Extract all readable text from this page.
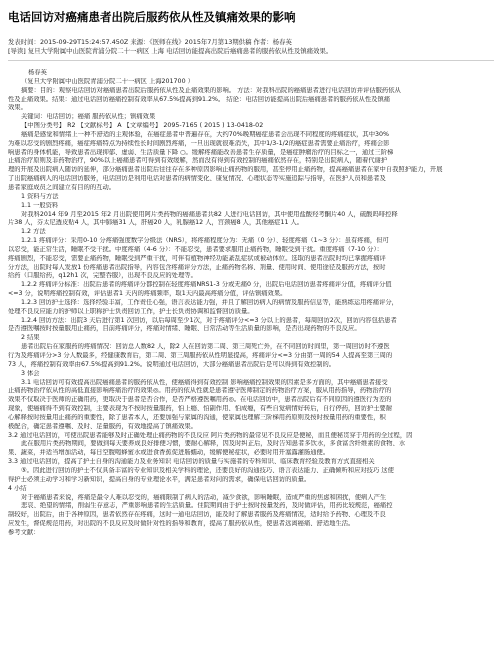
电话回访对癌痛患者出院后服药依从性及镇痛效果的影响
发表时间：2015-09-29T15:24:57.450Z 来源：《医师在线》2015年7月第13期供稿 作者：杨春英
[导读] 复旦大学附属中山医院青浦分院二十一病区 上海 电话回访能提高出院后癌痛患者的服药依从性及镇痛效果。
杨春英
（复旦大学附属中山医院青浦分院二十一病区 上海201700 ）
摘要：目的：观察电话回访对癌痛患者出院后服药依从性及止痛效果的影响。 方法：对我科出院的癌痛患者进行电话回访并评估服药依从
性及止痛效果。结果：通过电话回访癌痛控制有效率从67.5%提高到91.2%。 结论：电话回访能提高出院后癌痛患者的服药依从性及镇痛
效果。
关键词：电话回访；癌痛 服药依从性；镇痛效果
【中图分类号】 R2 【文献标号】 A 【文章编号】 2095-7165 ( 2015 ) 13-0418-02
癌痛是感觉和情绪上一种不舒适的主观体验，在癌症患者中普遍存在，大约70%晚期癌症患者会出现不同程度的疼痛症状，其中30%
为难以忍受的剧烈疼痛，癌症疼痛特点为持续性长时间剧烈疼痛，一旦出现就很难消失，其中1/3-1/2的癌症患者需要止痛治疗，疼痛会影
响患者的身体机能，导致患者出现抑郁、虚弱、生活质量下降 ○。缓解疼痛能改善患者生存质量，是癌症肿瘤治疗的目标之一，通过三阶梯
止痛治疗原则及非药物治疗，90%以上癌痛患者可得到有效缓解，然而没有得到有效控制的癌痛依然存在，特别是出院病人，随着代谢护
理的开展及出院病人随访的延伸，部分癌痛患者出院后往往存在多种原因影响止痛药物的服用，甚至停用止痛药物，提高癌痛患者在家中自我照护能力，开展
了出院癌痛病人的电话回访服务，电话回访是利用电话对患者的病情变化、康复情况、心理状态等实施追踪与指导，在医护人员和患者及
患者家庭成员之间建立有目的的互动。
1 资料与方法
1.1 一般资料
对我科2014 年9 月至2015 年2 月出院使用阿片类药物的癌痛患者共82 人进行电话回访，其中使用盐酸羟考酮片40 人，硫酸吗啡控释
片38 人，芬太尼透皮贴4 人，其中肺癌31 人，肝癌20 人，乳腺癌12 人，宫颈癌8 人，其他癌症11 人。
1.2 方法
1.2.1 疼痛评分：采用0-10 分疼痛强度数字分级法（NRS），将疼痛程度分为：无痛（0 分）、轻度疼痛（1~3 分）：虽有疼痛，但可
以忍受，能正常生活，睡眠不受干扰。中度疼痛（4-6 分）：不能忍受，患者要求服用止痛药物，睡眠受到干扰。重度疼痛（7-10 分）：
疼痛剧烈，不能忍受，需要止痛药物，睡眠受到严重干扰，可伴有植物神经功能紊乱症状或被动体位。选取的患者出院时均已掌握疼痛评
分方法，出院时每人发放1 份疼痛患者出院指导，内容包含疼痛评分方法，止痛药物名称、剂量、使用时间、使用途径及服药方法，按时
给药（口服给药，q12h1 次，完整吞服），出现不良反应的处理等。
1.2.2 疼痛评分标准：出院后患者的疼痛评分都控制在轻度疼痛NRS1-3 分或无痛0 分，出院后电话回访患者疼痛评分值，疼痛评分值
<=3 分，说明疼痛控制有效，评估患者1 天内的疼痛频率，取1天内最高疼痛分值，评估镇痛效果。
1.2.3 回访护士选择：选择经验丰富，工作责任心强，语言表达能力强，并且了解回访病人的病情及服药信息等，能熟练运用疼痛评分，
处理不良反应能力的护师以上职称护士负责回访工作，护士长负责协调和监督回访质量。
1.2.4 回访方法：出院3 天后进行第1 次回访，以后每周至少1次，对于疼痛评分<=3 分以上的患者，每周回访2次，回访内容包括患者
是否遵医嘱按时按量服用止痛药，目前疼痛评分，疼痛对情绪、睡眠、日常活动等生活质量的影响，是否出现药物的不良反应。
2 结果
患者出院后在家服药的疼痛情况：回访总人数82 人，除2 人在回访第二周、第三周死亡外，在不同回访时间里，第一周回访时不遵医
行为及疼痛评分>3 分人数最多，经健康教育后，第二周、第三周服药依从性明显提高，疼痛评分<=3 分由第一周的54 人提高至第三周的
73 人，疼痛控制有效率由67.5%提高到91.2%。说明通过电话回访，大部分癌痛患者出院后是可以得到有效控制的。
3 体会
3.1 电话回访可有效提高出院癌痛患者的服药依从性，使癌痛得到有效控制 影响癌痛控制效果的因素是多方面的，其中癌痛患者接受
止痛药物治疗依从性的高低直接影响疼痛治疗的效果◎。用药的依从性就是患者遵守医师制定的药物治疗方案，服从用药指导，药物治疗的
效果不仅取决于医师的正确用药，更取决于患者是否合作，是否严格遵医嘱用药◎。在电话回访中，患者出院后有不同原因的遵医行为差的
现象，使癌痛得不到有效控制，主要表现为不按时按量服药，怕上瘾、怕副作用、怕成瘾，有些自觉病情好转后，自行停药，回访护士要耐
心解释按时按量用止痛药的重要性，除了患者本人，还要加强与家属的沟通，使家属也理解三阶梯用药原则及按时按量用药的重要性，积
极配合，确定患者遵嘱、及时、足量服药，有效地提高了镇痛效果。
3.2 通过电话回访，可使出院患者能够及时正确处理止痛药物的不良反应 阿片类药物的最常见不良反应是便秘，而且便秘贯穿于用药的全过程，因
此在服用片类药物期间，要做到每天要养成良好排便习惯，要耐心解释，因及时纠正后，及时告知患者多饮水，多食富含纤维素的食物、水
果、蔬菜，并适当增加活动，每日空腹喝蜂蜜水或进食香蕉促进肠蠕动，缓解便秘症状，必要时用开塞露灌肠通便。
3.3 通过电话回访，提高了护士自身的沟通能力及业务知识 电话回访的质量与实施者的专科知识、临床教育经验及教育方式直接相关
⑤。因此进行回访的护士不仅具备丰富的专业知识及相关学科的理论，还要良好的沟通技巧、语言表达能力、正确倾听和应对技巧 这使
得护士必须主动学习和学习新知识，提高自身的专业理论水平，满足患者对问的需求，确保电话回访的质量。
4 小结
对于癌痛患者来说，疼痛是最令人难以忍受的，癌痛限制了病人的活动，减少食欲，影响睡眠，造成严重的焦虑和困扰，使病人产生
悲哀、绝望的情绪，削弱生存意志，严重影响患者的生活质量。住院期间由于护士按时按量发药，及时做评估，用药比较规范，癌痛控
制较好，出院后，由于各种原因，患者依然存在疼痛，这时一通电话回访，能及时了解患者服药及疼痛情况，适时给予药物、心理及不良
应发生，督促规范用药，对出院的不良反应及时做针对性的指导和教育，提高了服药依从性，使患者远离癌痛、舒适地生活。
参考文献：
